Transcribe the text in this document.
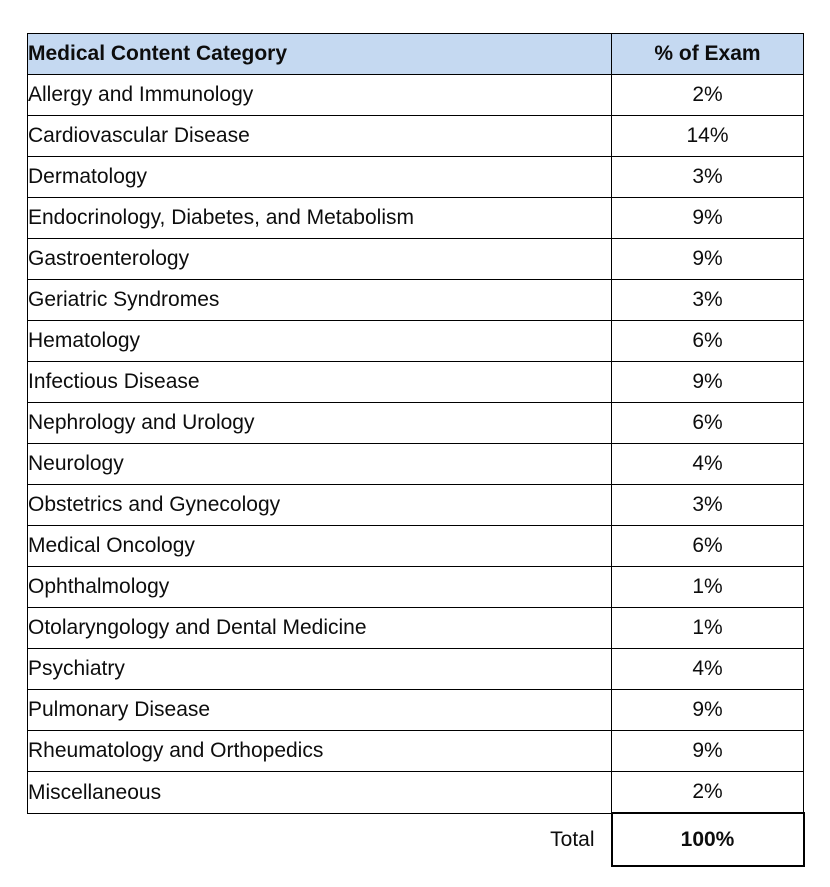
Medical Content Category	% of Exam
Allergy and Immunology	2%
Cardiovascular Disease	14%
Dermatology	3%
Endocrinology, Diabetes, and Metabolism	9%
Gastroenterology	9%
Geriatric Syndromes	3%
Hematology	6%
Infectious Disease	9%
Nephrology and Urology	6%
Neurology	4%
Obstetrics and Gynecology	3%
Medical Oncology	6%
Ophthalmology	1%
Otolaryngology and Dental Medicine	1%
Psychiatry	4%
Pulmonary Disease	9%
Rheumatology and Orthopedics	9%
Miscellaneous	2%
Total	100%
